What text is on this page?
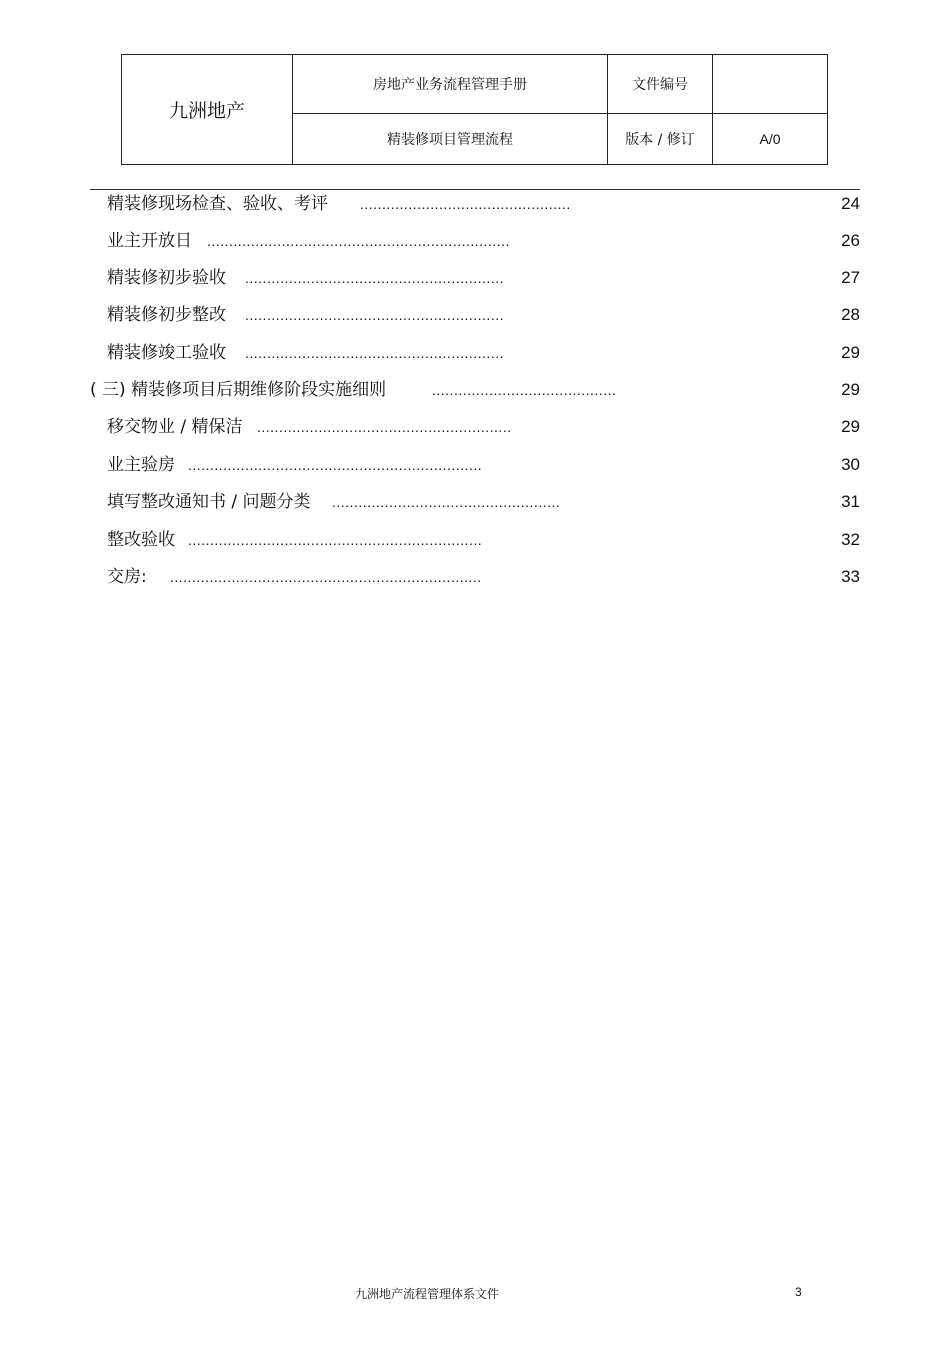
九洲地产	房地产业务流程管理手册	文件编号	
	精装修项目管理流程	版本 / 修订	A/0
精装修现场检查、验收、考评 ................................................	24
业主开放日 .....................................................................	26
精装修初步验收 ...........................................................	27
精装修初步整改 ...........................................................	28
精装修竣工验收 ...........................................................	29
( 三) 精装修项目后期维修阶段实施细则	..........................................	29
移交物业 / 精保洁 ..........................................................	29
业主验房 ...................................................................	30
填写整改通知书 / 问题分类 ....................................................	31
整改验收 ...................................................................	32
交房: .......................................................................	33
九洲地产流程管理体系文件	3
